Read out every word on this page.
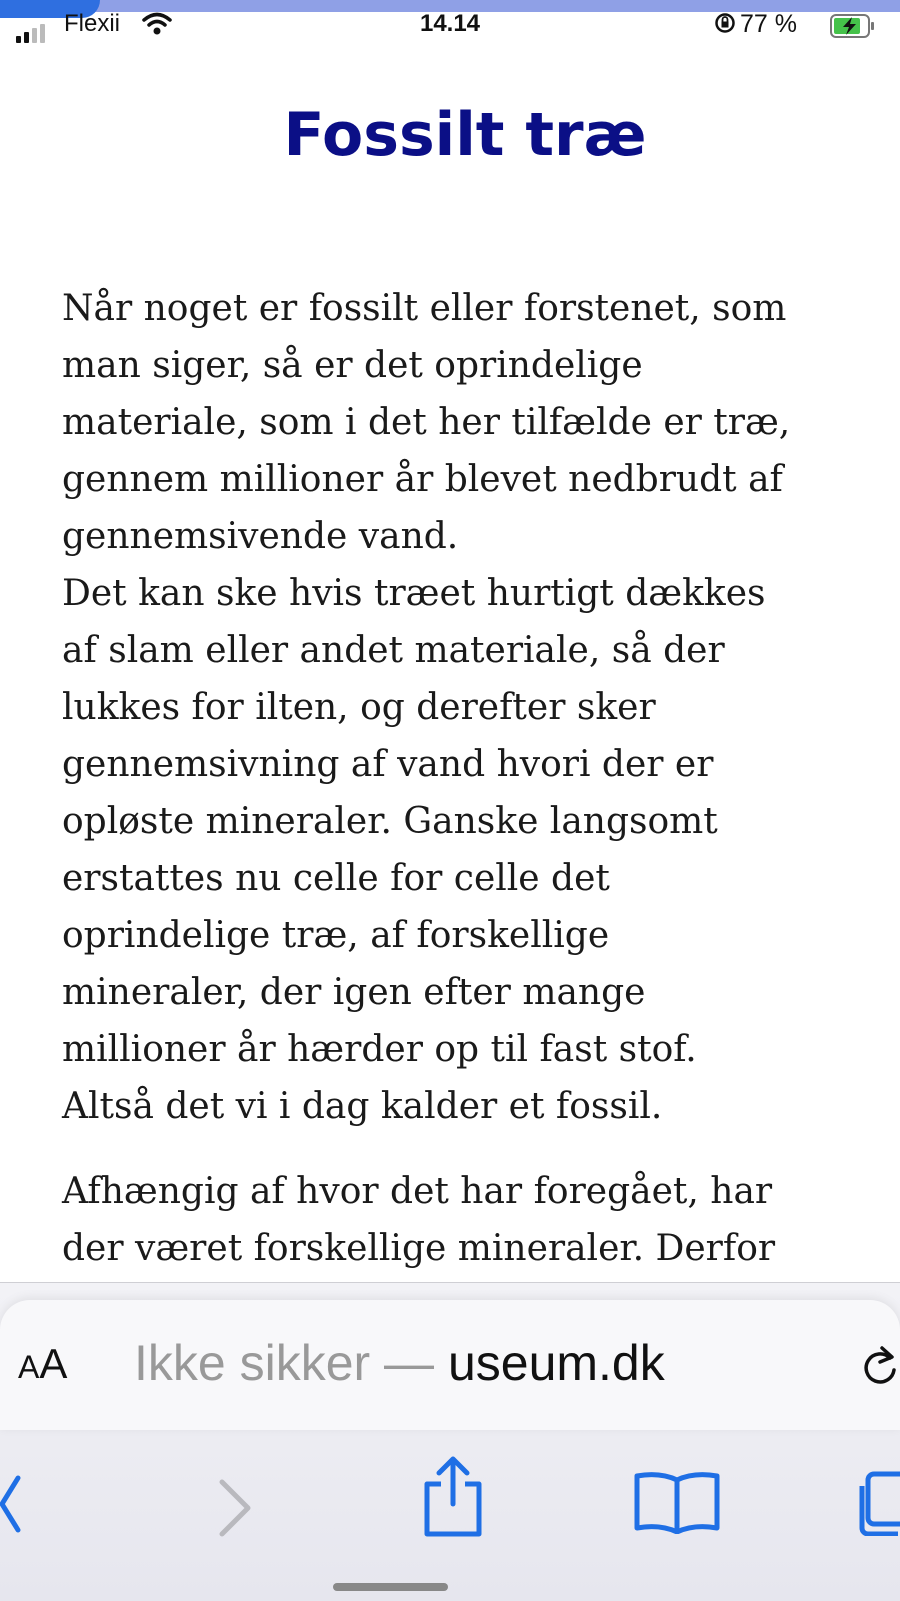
Flexii	14.14	77 %
Fossilt træ

Når noget er fossilt eller forstenet, som
man siger, så er det oprindelige
materiale, som i det her tilfælde er træ,
gennem millioner år blevet nedbrudt af
gennemsivende vand.
Det kan ske hvis træet hurtigt dækkes
af slam eller andet materiale, så der
lukkes for ilten, og derefter sker
gennemsivning af vand hvori der er
opløste mineraler. Ganske langsomt
erstattes nu celle for celle det
oprindelige træ, af forskellige
mineraler, der igen efter mange
millioner år hærder op til fast stof.
Altså det vi i dag kalder et fossil.

Afhængig af hvor det har foregået, har
der været forskellige mineraler. Derfor

AA Ikke sikker — useum.dk
